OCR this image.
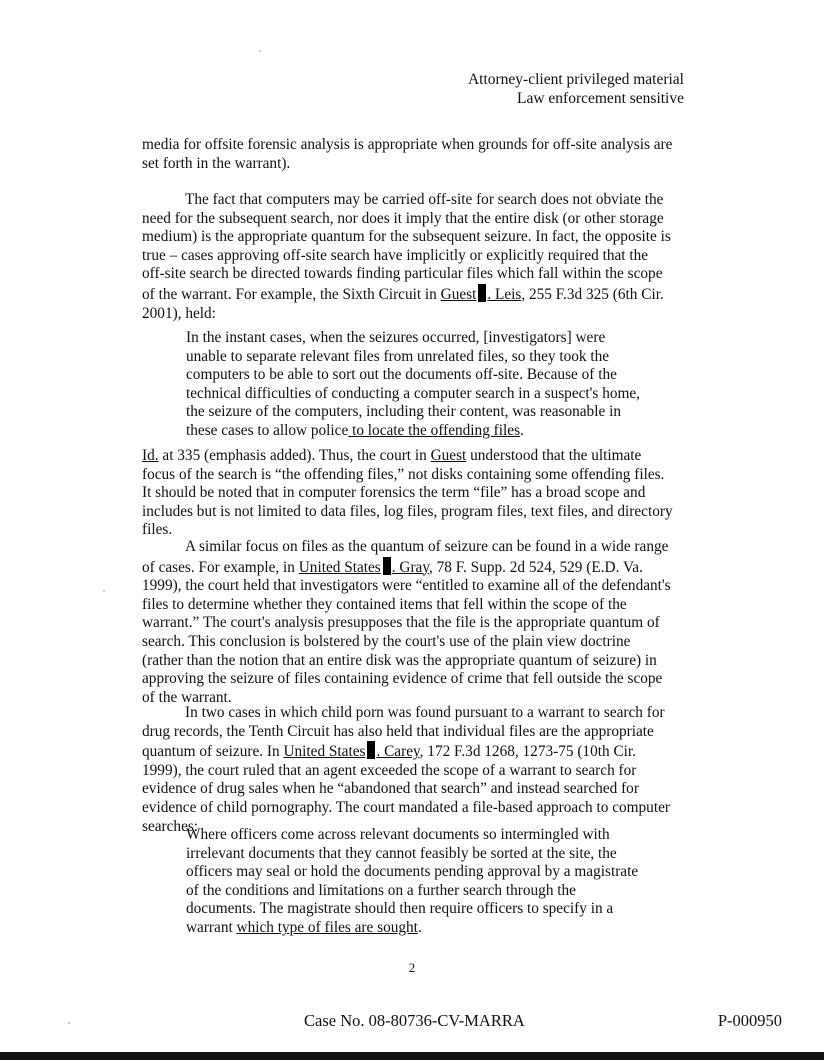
Attorney-client privileged material
Law enforcement sensitive

media for offsite forensic analysis is appropriate when grounds for off-site analysis are set forth in the warrant).

The fact that computers may be carried off-site for search does not obviate the need for the subsequent search, nor does it imply that the entire disk (or other storage medium) is the appropriate quantum for the subsequent seizure. In fact, the opposite is true – cases approving off-site search have implicitly or explicitly required that the off-site search be directed towards finding particular files which fall within the scope of the warrant. For example, the Sixth Circuit in Guest . Leis, 255 F.3d 325 (6th Cir. 2001), held:

In the instant cases, when the seizures occurred, [investigators] were unable to separate relevant files from unrelated files, so they took the computers to be able to sort out the documents off-site. Because of the technical difficulties of conducting a computer search in a suspect's home, the seizure of the computers, including their content, was reasonable in these cases to allow police to locate the offending files.

Id. at 335 (emphasis added). Thus, the court in Guest understood that the ultimate focus of the search is “the offending files,” not disks containing some offending files. It should be noted that in computer forensics the term “file” has a broad scope and includes but is not limited to data files, log files, program files, text files, and directory files.

A similar focus on files as the quantum of seizure can be found in a wide range of cases. For example, in United States . Gray, 78 F. Supp. 2d 524, 529 (E.D. Va. 1999), the court held that investigators were “entitled to examine all of the defendant's files to determine whether they contained items that fell within the scope of the warrant.” The court's analysis presupposes that the file is the appropriate quantum of search. This conclusion is bolstered by the court's use of the plain view doctrine (rather than the notion that an entire disk was the appropriate quantum of seizure) in approving the seizure of files containing evidence of crime that fell outside the scope of the warrant.

In two cases in which child porn was found pursuant to a warrant to search for drug records, the Tenth Circuit has also held that individual files are the appropriate quantum of seizure. In United States . Carey, 172 F.3d 1268, 1273-75 (10th Cir. 1999), the court ruled that an agent exceeded the scope of a warrant to search for evidence of drug sales when he “abandoned that search” and instead searched for evidence of child pornography. The court mandated a file-based approach to computer searches:

Where officers come across relevant documents so intermingled with irrelevant documents that they cannot feasibly be sorted at the site, the officers may seal or hold the documents pending approval by a magistrate of the conditions and limitations on a further search through the documents. The magistrate should then require officers to specify in a warrant which type of files are sought.

2
Case No. 08-80736-CV-MARRA	P-000950
